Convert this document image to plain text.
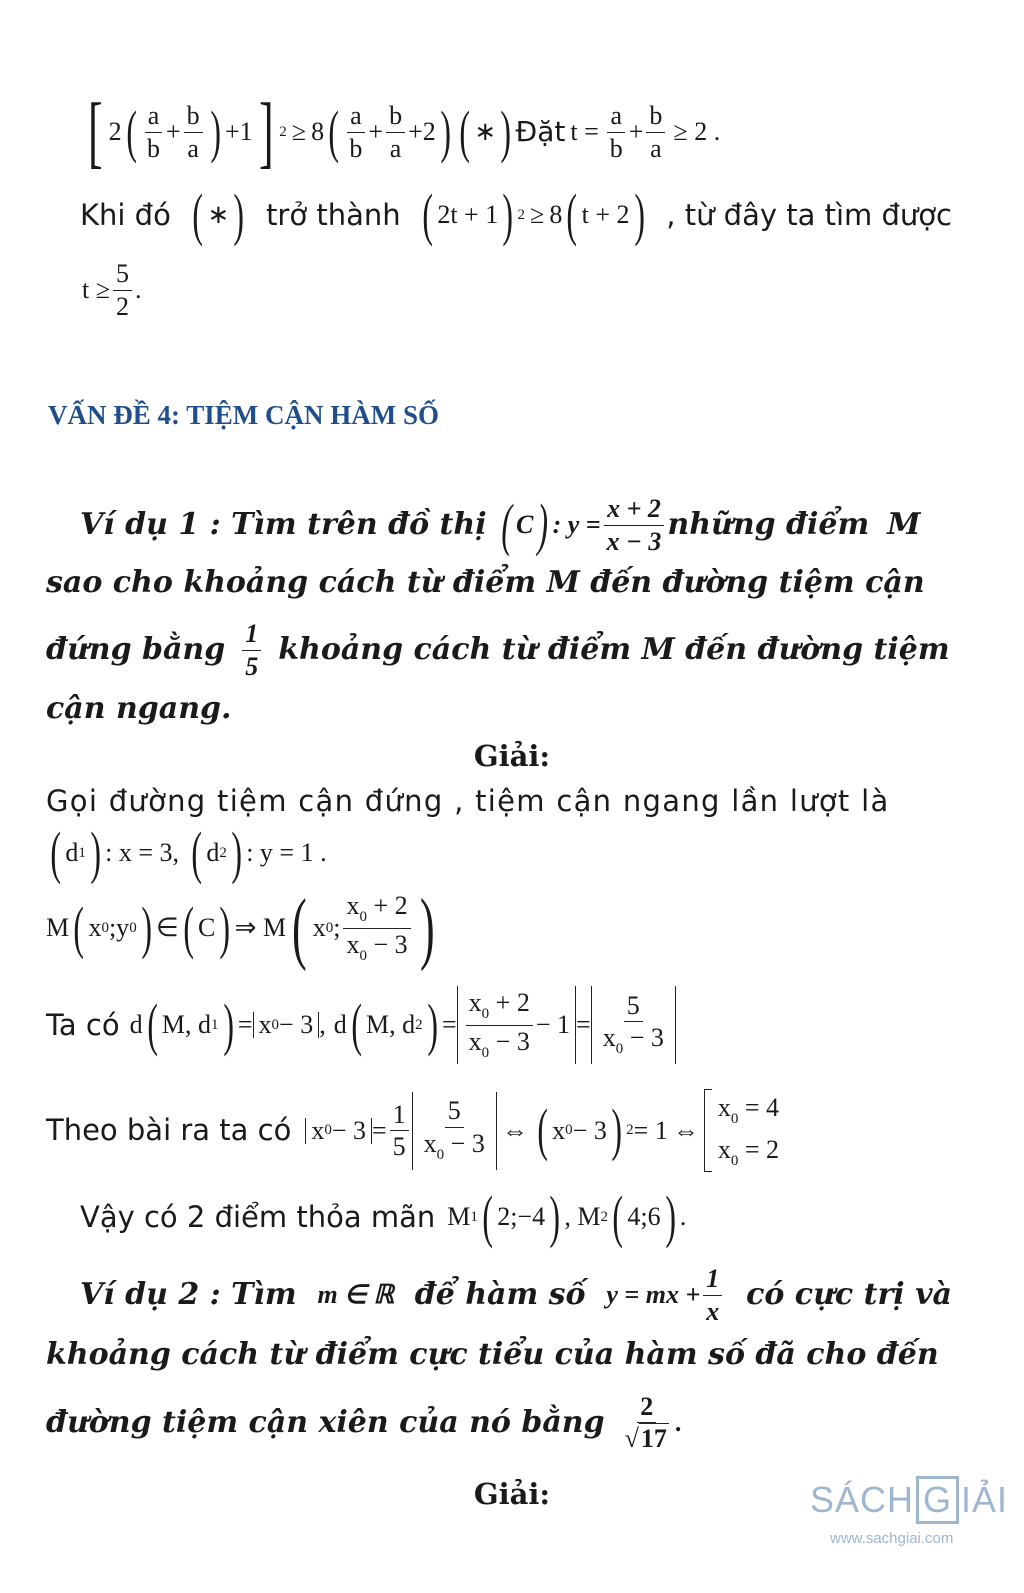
[ 2 ( $\frac{a}{b} + \frac{b}{a}$ ) +1 ] 2 ≥ 8 ( $\frac{a}{b} + \frac{b}{a} +2$ ) ( ∗ ) Đặt $t = \frac{a}{b} + \frac{b}{a} \ge 2$ .
Khi đó ( ∗ ) trở thành ( 2t + 1 ) 2 ≥ 8 ( t + 2 ) , từ đây ta tìm được
$t \ge \frac{5}{2}$ .
VẤN ĐỀ 4: TIỆM CẬN HÀM SỐ
Ví dụ 1 : Tìm trên đồ thị ( C ) : $y = \frac{x + 2}{x - 3}$ những điểm M
sao cho khoảng cách từ điểm M đến đường tiệm cận
đứng bằng $\frac{1}{5}$ khoảng cách từ điểm M đến đường tiệm
cận ngang.
Giải:
Gọi đường tiệm cận đứng , tiệm cận ngang lần lượt là
( d 1 ) : x = 3, ( d 2 ) : y = 1 .
M ( x 0 ;y 0 ) ∈ ( C ) ⇒ M ( x 0 ; $\frac{x_0 + 2}{x_0 - 3}$ )
Ta có d ( M, d 1 ) = x 0 − 3 , d ( M, d 2 ) = $\frac{x_0 + 2}{x_0 - 3} - 1 = \frac{5}{x_0 - 3}$
Theo bài ra ta có x $0 - 3 = \frac{1}{5} \frac{5}{x_0 - 3}$ ⇔ ( x 0 − 3 ) 2 = 1 ⇔
$x_0 = 4$
$x_0 = 2$
Vậy có 2 điểm thỏa mãn M 1 ( 2;−4 ) , M 2 ( 4;6 ) .
Ví dụ 2 : Tìm m ∈ ℝ để hàm số y = mx + $\frac{1}{x}$ có cực trị và
khoảng cách từ điểm cực tiểu của hàm số đã cho đến
đường tiệm cận xiên của nó bằng $\frac{2}{√17}$ .
Giải:	SÁCH G IẢI
www.sachgiai.com
